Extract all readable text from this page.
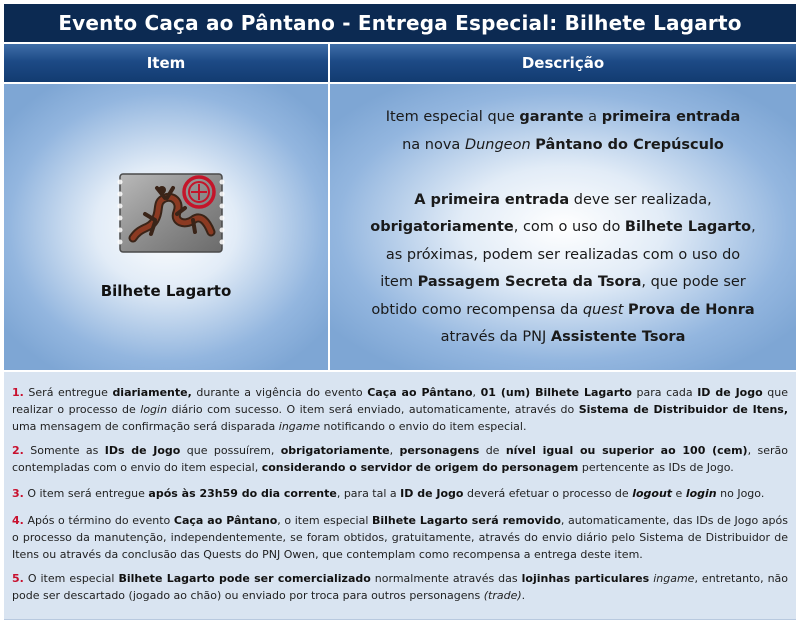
Evento Caça ao Pântano - Entrega Especial: Bilhete Lagarto
Item	Descrição
Bilhete Lagarto
Item especial que garante a primeira entrada
na nova Dungeon Pântano do Crepúsculo
A primeira entrada deve ser realizada,
obrigatoriamente, com o uso do Bilhete Lagarto,
as próximas, podem ser realizadas com o uso do
item Passagem Secreta da Tsora, que pode ser
obtido como recompensa da quest Prova de Honra
através da PNJ Assistente Tsora
1. Será entregue diariamente, durante a vigência do evento Caça ao Pântano, 01 (um) Bilhete Lagarto para cada ID de Jogo que realizar o processo de login diário com sucesso. O item será enviado, automaticamente, através do Sistema de Distribuidor de Itens, uma mensagem de confirmação será disparada ingame notificando o envio do item especial.
2. Somente as IDs de Jogo que possuírem, obrigatoriamente, personagens de nível igual ou superior ao 100 (cem), serão contempladas com o envio do item especial, considerando o servidor de origem do personagem pertencente as IDs de Jogo.
3. O item será entregue após às 23h59 do dia corrente, para tal a ID de Jogo deverá efetuar o processo de logout e login no Jogo.
4. Após o término do evento Caça ao Pântano, o item especial Bilhete Lagarto será removido, automaticamente, das IDs de Jogo após o processo da manutenção, independentemente, se foram obtidos, gratuitamente, através do envio diário pelo Sistema de Distribuidor de Itens ou através da conclusão das Quests do PNJ Owen, que contemplam como recompensa a entrega deste item.
5. O item especial Bilhete Lagarto pode ser comercializado normalmente através das lojinhas particulares ingame, entretanto, não pode ser descartado (jogado ao chão) ou enviado por troca para outros personagens (trade).
